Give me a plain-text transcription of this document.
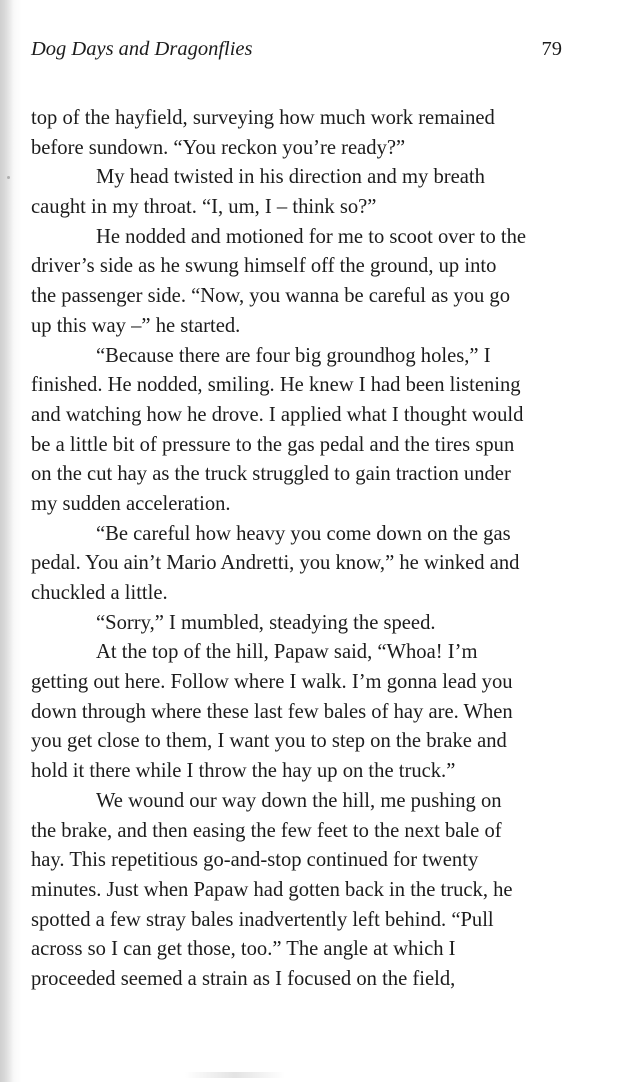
Dog Days and Dragonflies	79
top of the hayfield, surveying how much work remained
before sundown. “You reckon you’re ready?”
My head twisted in his direction and my breath
caught in my throat. “I, um, I – think so?”
He nodded and motioned for me to scoot over to the
driver’s side as he swung himself off the ground, up into
the passenger side. “Now, you wanna be careful as you go
up this way –” he started.
“Because there are four big groundhog holes,” I
finished. He nodded, smiling. He knew I had been listening
and watching how he drove. I applied what I thought would
be a little bit of pressure to the gas pedal and the tires spun
on the cut hay as the truck struggled to gain traction under
my sudden acceleration.
“Be careful how heavy you come down on the gas
pedal. You ain’t Mario Andretti, you know,” he winked and
chuckled a little.
“Sorry,” I mumbled, steadying the speed.
At the top of the hill, Papaw said, “Whoa! I’m
getting out here. Follow where I walk. I’m gonna lead you
down through where these last few bales of hay are. When
you get close to them, I want you to step on the brake and
hold it there while I throw the hay up on the truck.”
We wound our way down the hill, me pushing on
the brake, and then easing the few feet to the next bale of
hay. This repetitious go-and-stop continued for twenty
minutes. Just when Papaw had gotten back in the truck, he
spotted a few stray bales inadvertently left behind. “Pull
across so I can get those, too.” The angle at which I
proceeded seemed a strain as I focused on the field,
